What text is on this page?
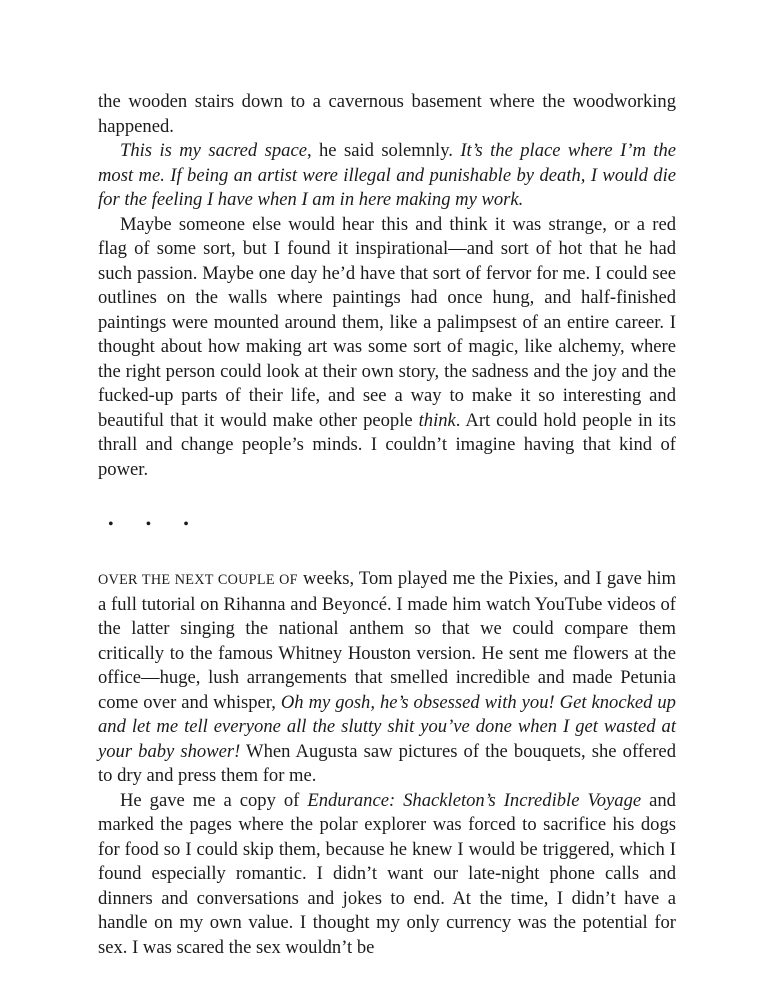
the wooden stairs down to a cavernous basement where the woodworking happened.

This is my sacred space, he said solemnly. It’s the place where I’m the most me. If being an artist were illegal and punishable by death, I would die for the feeling I have when I am in here making my work.

Maybe someone else would hear this and think it was strange, or a red flag of some sort, but I found it inspirational—and sort of hot that he had such passion. Maybe one day he’d have that sort of fervor for me. I could see outlines on the walls where paintings had once hung, and half-finished paintings were mounted around them, like a palimpsest of an entire career. I thought about how making art was some sort of magic, like alchemy, where the right person could look at their own story, the sadness and the joy and the fucked-up parts of their life, and see a way to make it so interesting and beautiful that it would make other people think. Art could hold people in its thrall and change people’s minds. I couldn’t imagine having that kind of power.

• • •

OVER THE NEXT COUPLE OF weeks, Tom played me the Pixies, and I gave him a full tutorial on Rihanna and Beyoncé. I made him watch YouTube videos of the latter singing the national anthem so that we could compare them critically to the famous Whitney Houston version. He sent me flowers at the office—huge, lush arrangements that smelled incredible and made Petunia come over and whisper, Oh my gosh, he’s obsessed with you! Get knocked up and let me tell everyone all the slutty shit you’ve done when I get wasted at your baby shower! When Augusta saw pictures of the bouquets, she offered to dry and press them for me.

He gave me a copy of Endurance: Shackleton’s Incredible Voyage and marked the pages where the polar explorer was forced to sacrifice his dogs for food so I could skip them, because he knew I would be triggered, which I found especially romantic. I didn’t want our late-night phone calls and dinners and conversations and jokes to end. At the time, I didn’t have a handle on my own value. I thought my only currency was the potential for sex. I was scared the sex wouldn’t be
